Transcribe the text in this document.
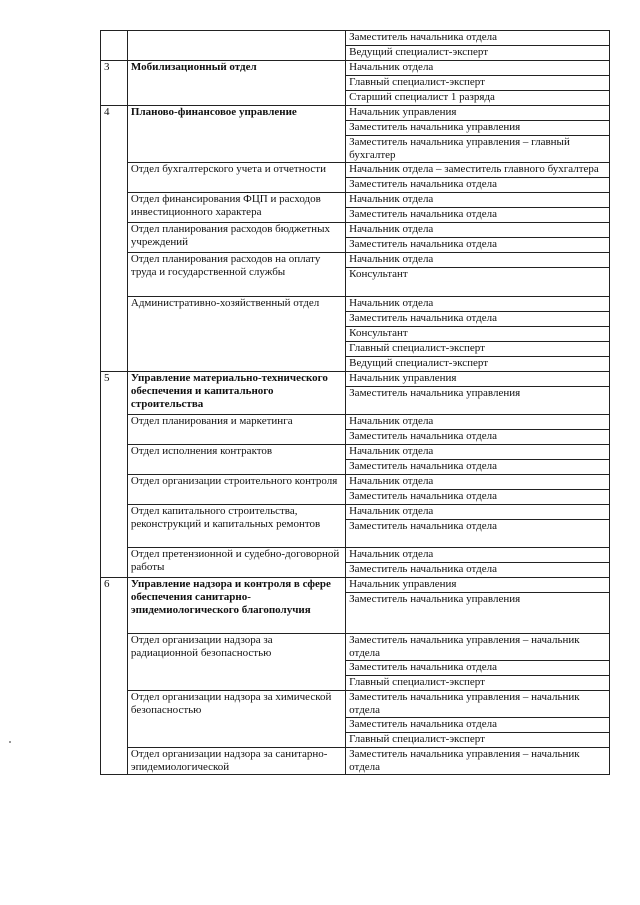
		Заместитель начальника отдела
		Ведущий специалист-эксперт
3	Мобилизационный отдел	Начальник отдела
		Главный специалист-эксперт
		Старший специалист 1 разряда
4	Планово-финансовое управление	Начальник управления
		Заместитель начальника управления
		Заместитель начальника управления – главный бухгалтер
	Отдел бухгалтерского учета и отчетности	Начальник отдела – заместитель главного бухгалтера
		Заместитель начальника отдела
	Отдел финансирования ФЦП и расходов инвестиционного характера	Начальник отдела
		Заместитель начальника отдела
	Отдел планирования расходов бюджетных учреждений	Начальник отдела
		Заместитель начальника отдела
	Отдел планирования расходов на оплату труда и государственной службы	Начальник отдела
		Консультант
	Административно-хозяйственный отдел	Начальник отдела
		Заместитель начальника отдела
		Консультант
		Главный специалист-эксперт
		Ведущий специалист-эксперт
5	Управление материально-технического обеспечения и капитального строительства	Начальник управления
		Заместитель начальника управления
	Отдел планирования и маркетинга	Начальник отдела
		Заместитель начальника отдела
	Отдел исполнения контрактов	Начальник отдела
		Заместитель начальника отдела
	Отдел организации строительного контроля	Начальник отдела
		Заместитель начальника отдела
	Отдел капитального строительства, реконструкций и капитальных ремонтов	Начальник отдела
		Заместитель начальника отдела
	Отдел претензионной и судебно-договорной работы	Начальник отдела
		Заместитель начальника отдела
6	Управление надзора и контроля в сфере обеспечения санитарно-эпидемиологического благополучия	Начальник управления
		Заместитель начальника управления
	Отдел организации надзора за радиационной безопасностью	Заместитель начальника управления – начальник отдела
		Заместитель начальника отдела
		Главный специалист-эксперт
	Отдел организации надзора за химической безопасностью	Заместитель начальника управления – начальник отдела
		Заместитель начальника отдела
		Главный специалист-эксперт
	Отдел организации надзора за санитарно-эпидемиологической	Заместитель начальника управления – начальник отдела
